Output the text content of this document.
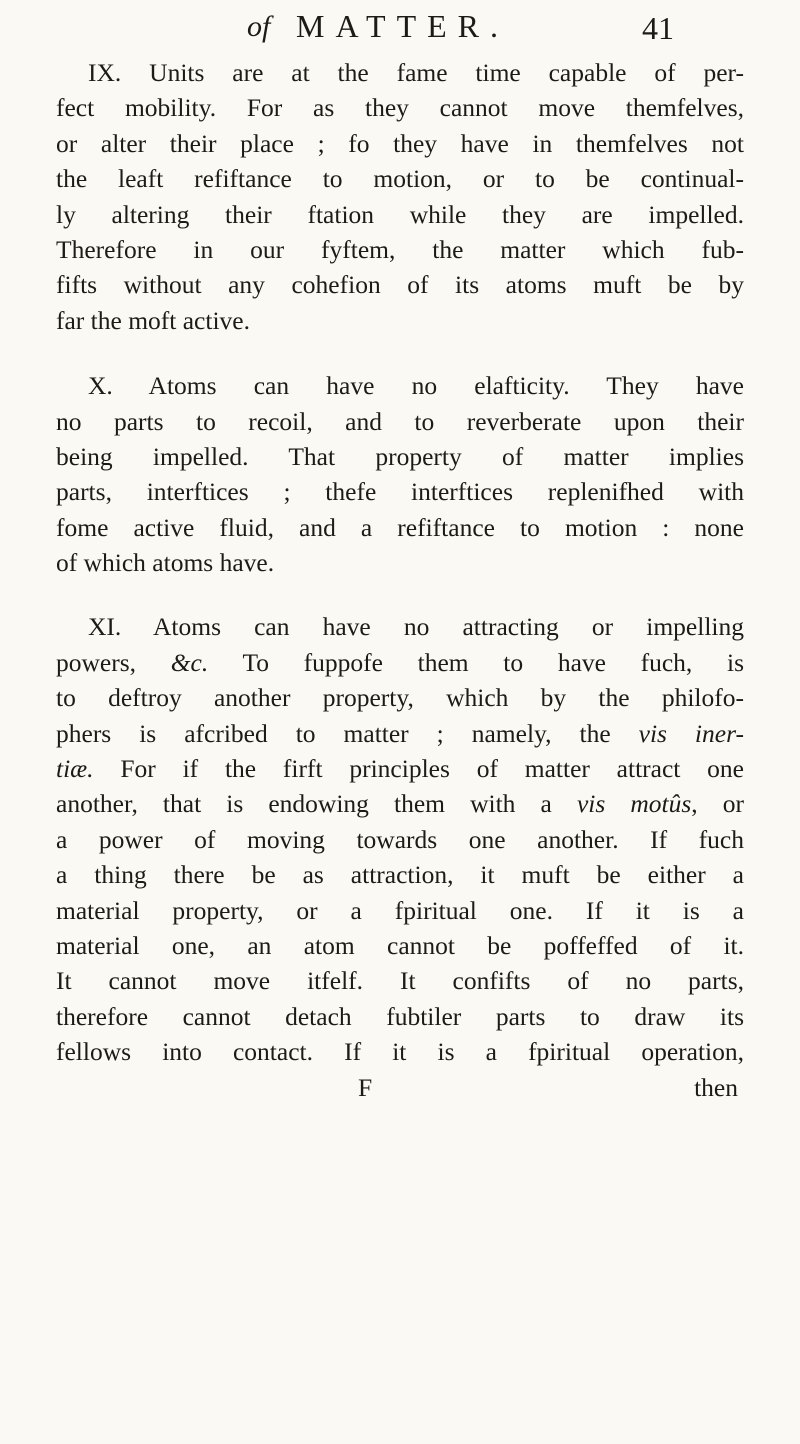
of MATTER.	41
IX. Units are at the fame time capable of per-
fect mobility. For as they cannot move themfelves,
or alter their place ; fo they have in themfelves not
the leaft refiftance to motion, or to be continual-
ly altering their ftation while they are impelled.
Therefore in our fyftem, the matter which fub-
fifts without any cohefion of its atoms muft be by
far the moft active.
X. Atoms can have no elafticity. They have
no parts to recoil, and to reverberate upon their
being impelled. That property of matter implies
parts, interftices ; thefe interftices replenifhed with
fome active fluid, and a refiftance to motion : none
of which atoms have.
XI. Atoms can have no attracting or impelling
powers, &c. To fuppofe them to have fuch, is
to deftroy another property, which by the philofo-
phers is afcribed to matter ; namely, the vis iner-
tiæ. For if the firft principles of matter attract one
another, that is endowing them with a vis motûs, or
a power of moving towards one another. If fuch
a thing there be as attraction, it muft be either a
material property, or a fpiritual one. If it is a
material one, an atom cannot be poffeffed of it.
It cannot move itfelf. It confifts of no parts,
therefore cannot detach fubtiler parts to draw its
fellows into contact. If it is a fpiritual operation,
F	then
